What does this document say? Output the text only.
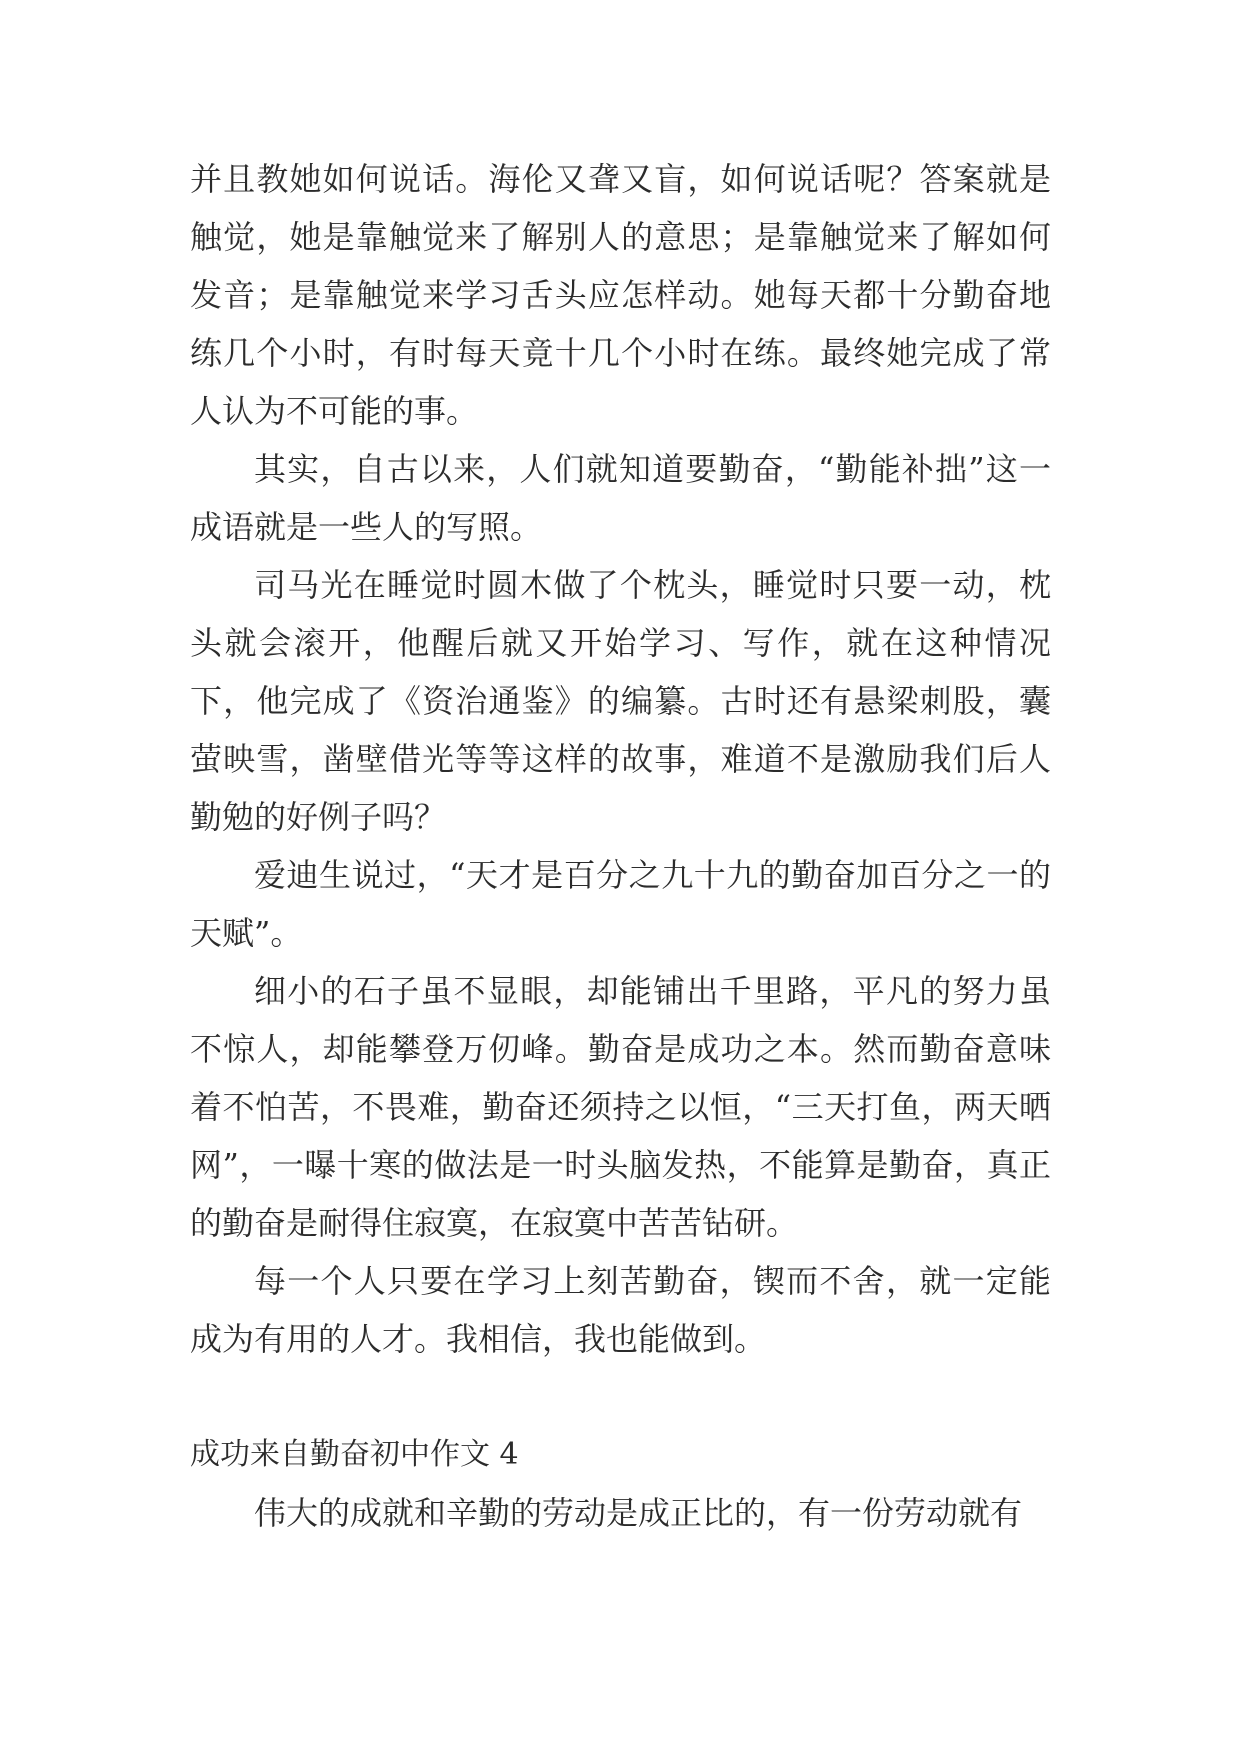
并且教她如何说话。海伦又聋又盲，如何说话呢？答案就是触觉，她是靠触觉来了解别人的意思；是靠触觉来了解如何发音；是靠触觉来学习舌头应怎样动。她每天都十分勤奋地练几个小时，有时每天竟十几个小时在练。最终她完成了常人认为不可能的事。

其实，自古以来，人们就知道要勤奋，“勤能补拙”这一成语就是一些人的写照。

司马光在睡觉时圆木做了个枕头，睡觉时只要一动，枕头就会滚开，他醒后就又开始学习、写作，就在这种情况下，他完成了《资治通鉴》的编纂。古时还有悬梁刺股，囊萤映雪，凿壁借光等等这样的故事，难道不是激励我们后人勤勉的好例子吗？

爱迪生说过，“天才是百分之九十九的勤奋加百分之一的天赋”。

细小的石子虽不显眼，却能铺出千里路，平凡的努力虽不惊人，却能攀登万仞峰。勤奋是成功之本。然而勤奋意味着不怕苦，不畏难，勤奋还须持之以恒，“三天打鱼，两天晒网”，一曝十寒的做法是一时头脑发热，不能算是勤奋，真正的勤奋是耐得住寂寞，在寂寞中苦苦钻研。

每一个人只要在学习上刻苦勤奋，锲而不舍，就一定能成为有用的人才。我相信，我也能做到。

成功来自勤奋初中作文 4

伟大的成就和辛勤的劳动是成正比的，有一份劳动就有
